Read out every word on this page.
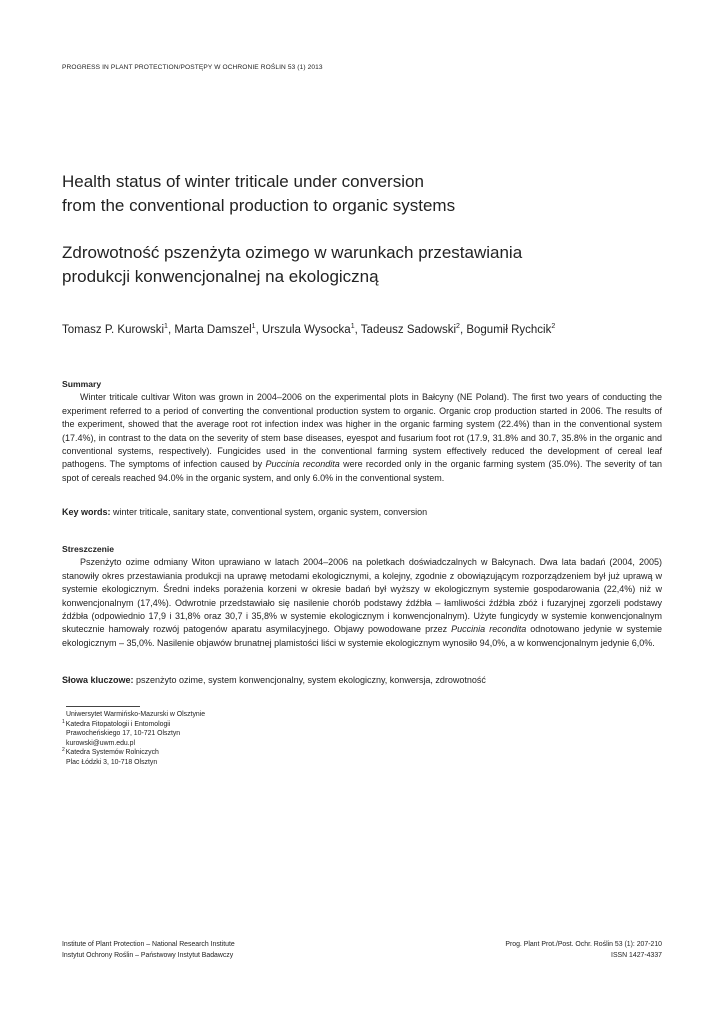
PROGRESS IN PLANT PROTECTION/POSTĘPY W OCHRONIE ROŚLIN 53 (1) 2013
Health status of winter triticale under conversion
from the conventional production to organic systems
Zdrowotność pszenżyta ozimego w warunkach przestawiania
produkcji konwencjonalnej na ekologiczną
Tomasz P. Kurowski$^1$, Marta Damszel$^1$, Urszula Wysocka$^1$, Tadeusz Sadowski$^2$, Bogumił Rychcik$^2$
Summary

Winter triticale cultivar Witon was grown in 2004–2006 on the experimental plots in Bałcyny (NE Poland). The first two years of conducting the experiment referred to a period of converting the conventional production system to organic. Organic crop production started in 2006. The results of the experiment, showed that the average root rot infection index was higher in the organic farming system (22.4%) than in the conventional system (17.4%), in contrast to the data on the severity of stem base diseases, eyespot and fusarium foot rot (17.9, 31.8% and 30.7, 35.8% in the organic and conventional systems, respectively). Fungicides used in the conventional farming system effectively reduced the development of cereal leaf pathogens. The symptoms of infection caused by Puccinia recondita were recorded only in the organic farming system (35.0%). The severity of tan spot of cereals reached 94.0% in the organic system, and only 6.0% in the conventional system.

Key words: winter triticale, sanitary state, conventional system, organic system, conversion
Streszczenie

Pszenżyto ozime odmiany Witon uprawiano w latach 2004–2006 na poletkach doświadczalnych w Bałcynach. Dwa lata badań (2004, 2005) stanowiły okres przestawiania produkcji na uprawę metodami ekologicznymi, a kolejny, zgodnie z obowiązującym rozporządzeniem był już uprawą w systemie ekologicznym. Średni indeks porażenia korzeni w okresie badań był wyższy w ekologicznym systemie gospodarowania (22,4%) niż w konwencjonalnym (17,4%). Odwrotnie przedstawiało się nasilenie chorób podstawy źdźbła – łamliwości źdźbła zbóż i fuzaryjnej zgorzeli podstawy źdźbła (odpowiednio 17,9 i 31,8% oraz 30,7 i 35,8% w systemie ekologicznym i konwencjonalnym). Użyte fungicydy w systemie konwencjonalnym skutecznie hamowały rozwój patogenów aparatu asymilacyjnego. Objawy powodowane przez Puccinia recondita odnotowano jedynie w systemie ekologicznym – 35,0%. Nasilenie objawów brunatnej plamistości liści w systemie ekologicznym wynosiło 94,0%, a w konwencjonalnym jedynie 6,0%.

Słowa kluczowe: pszenżyto ozime, system konwencjonalny, system ekologiczny, konwersja, zdrowotność
Uniwersytet Warmińsko-Mazurski w Olsztynie
$^1$Katedra Fitopatologii i Entomologii
Prawocheńskiego 17, 10-721 Olsztyn
kurowski@uwm.edu.pl
$^2$Katedra Systemów Rolniczych
Plac Łódzki 3, 10-718 Olsztyn
Institute of Plant Protection – National Research Institute
Instytut Ochrony Roślin – Państwowy Instytut Badawczy
Prog. Plant Prot./Post. Ochr. Roślin 53 (1): 207-210
ISSN 1427-4337
